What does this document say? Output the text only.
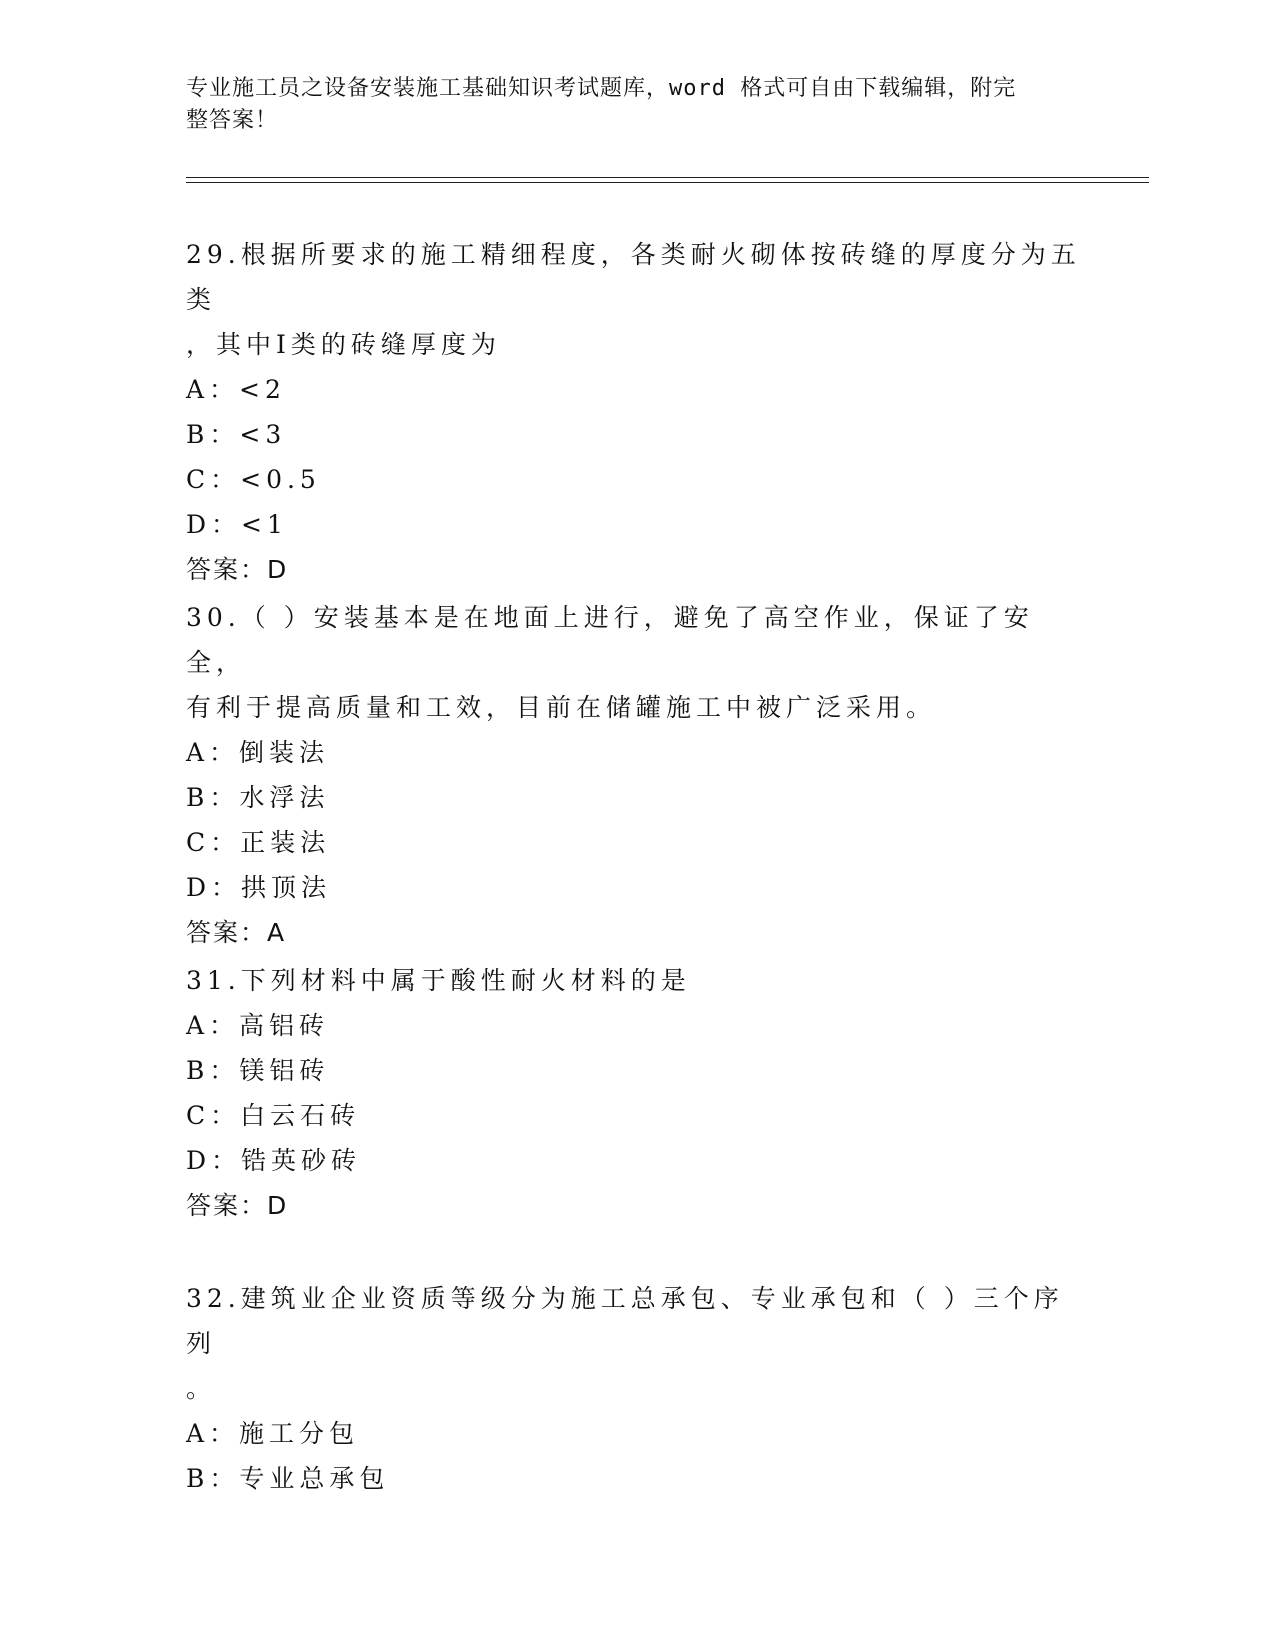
专业施工员之设备安装施工基础知识考试题库，word 格式可自由下载编辑，附完
整答案！
29.根据所要求的施工精细程度，各类耐火砌体按砖缝的厚度分为五类
，其中Ⅰ类的砖缝厚度为
A：<2
B：<3
C：<0.5
D：<1
答案：D
30.（ ）安装基本是在地面上进行，避免了高空作业，保证了安全，
有利于提高质量和工效，目前在储罐施工中被广泛采用。
A：倒装法
B：水浮法
C：正装法
D：拱顶法
答案：A
31.下列材料中属于酸性耐火材料的是
A：高铝砖
B：镁铝砖
C：白云石砖
D：锆英砂砖
答案：D
32.建筑业企业资质等级分为施工总承包、专业承包和（ ）三个序列
。
A：施工分包
B：专业总承包
